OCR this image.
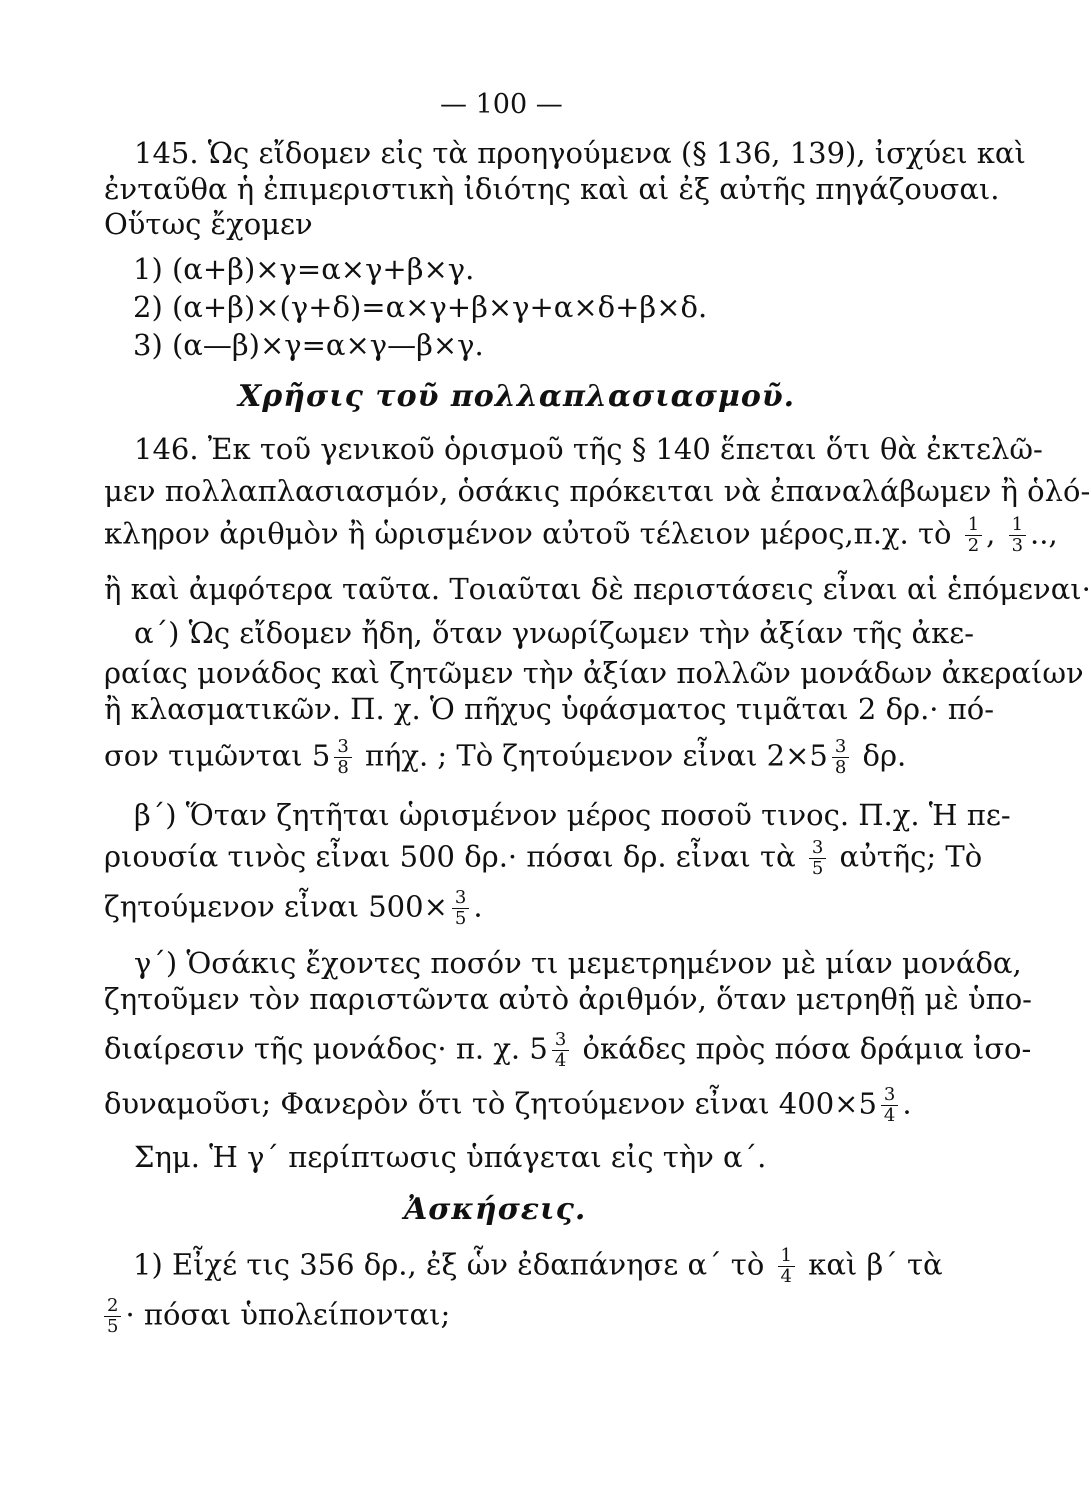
— 100 —
145. Ὡς εἴδομεν εἰς τὰ προηγούμενα (§ 136, 139), ἰσχύει καὶ
ἐνταῦθα ἡ ἐπιμεριστικὴ ἰδιότης καὶ αἱ ἐξ αὐτῆς πηγάζουσαι.
Οὕτως ἔχομεν
1) (α+β)×γ=α×γ+β×γ.
2) (α+β)×(γ+δ)=α×γ+β×γ+α×δ+β×δ.
3) (α—β)×γ=α×γ—β×γ.
Χρῆσις τοῦ πολλαπλασιασμοῦ.
146. Ἐκ τοῦ γενικοῦ ὁρισμοῦ τῆς § 140 ἕπεται ὅτι θὰ ἐκτελῶ-
μεν πολλαπλασιασμόν, ὁσάκις πρόκειται νὰ ἐπαναλάβωμεν ἢ ὁλό-
κληρον ἀριθμὸν ἢ ὡρισμένον αὐτοῦ τέλειον μέρος,π.χ. τὸ $\frac{1}{2}$ , $\frac{1}{3}$ ..,
ἢ καὶ ἀμφότερα ταῦτα. Τοιαῦται δὲ περιστάσεις εἶναι αἱ ἑπόμεναι·
α΄) Ὡς εἴδομεν ἤδη, ὅταν γνωρίζωμεν τὴν ἀξίαν τῆς ἀκε-
ραίας μονάδος καὶ ζητῶμεν τὴν ἀξίαν πολλῶν μονάδων ἀκεραίων
ἢ κλασματικῶν. Π. χ. Ὁ πῆχυς ὑφάσματος τιμᾶται 2 δρ.· πό-
σον τιμῶνται $5 \frac{3}{8} \pi ή\chi$. ; Τὸ ζητούμενον εἶναι $2\times 5 \frac{3}{8} \delta\rho$.
β΄) Ὅταν ζητῆται ὡρισμένον μέρος ποσοῦ τινος. Π.χ. Ἡ πε-
ριουσία τινὸς εἶναι 500 δρ.· πόσαι δρ. εἶναι τὰ $\frac{3}{5}$ αὐτῆς; Τὸ
ζητούμενον εἶναι $500\times \frac{3}{5}$ .
γ΄) Ὁσάκις ἔχοντες ποσόν τι μεμετρημένον μὲ μίαν μονάδα,
ζητοῦμεν τὸν παριστῶντα αὐτὸ ἀριθμόν, ὅταν μετρηθῇ μὲ ὑπο-
διαίρεσιν τῆς μονάδος· π. χ. $5 \frac{3}{4}$ ὀκάδες πρὸς πόσα δράμια ἰσο-
δυναμοῦσι; Φανερὸν ὅτι τὸ ζητούμενον εἶναι $400\times 5 \frac{3}{4}$ .
Σημ. Ἡ γ΄ περίπτωσις ὑπάγεται εἰς τὴν α΄.
Ἀσκήσεις.
1) Εἶχέ τις 356 δρ., ἐξ ὧν ἐδαπάνησε α΄ τὸ $\frac{1}{4}$ καὶ β΄ τὰ
$\frac{2}{5} \cdot \pi ό\sigma\alpha\iota$ ὑπολείπονται;
